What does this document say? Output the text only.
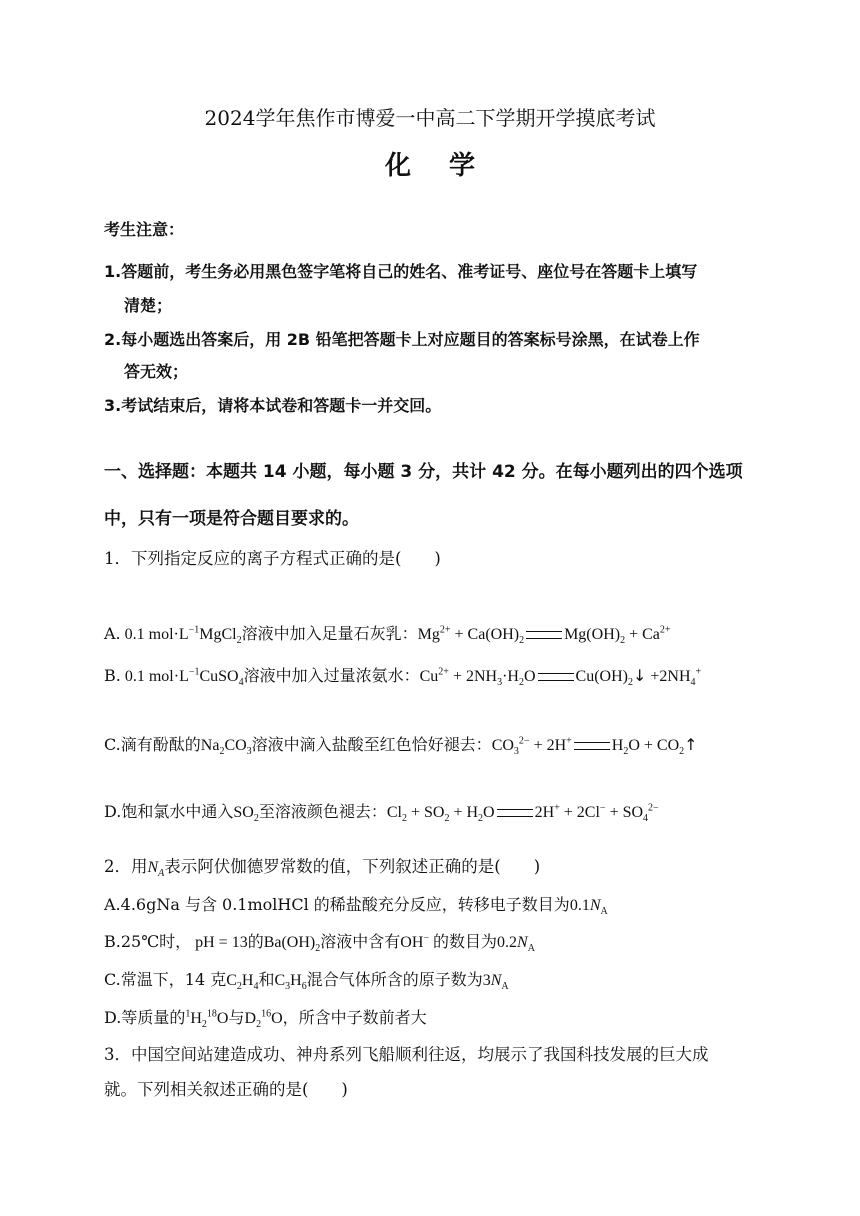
2024学年焦作市博爱一中高二下学期开学摸底考试
化学
考生注意：
1.答题前，考生务必用黑色签字笔将自己的姓名、准考证号、座位号在答题卡上填写
清楚；
2.每小题选出答案后，用 2B 铅笔把答题卡上对应题目的答案标号涂黑，在试卷上作
答无效；
3.考试结束后，请将本试卷和答题卡一并交回。
一、选择题：本题共 14 小题，每小题 3 分，共计 42 分。在每小题列出的四个选项
中，只有一项是符合题目要求的。
1．下列指定反应的离子方程式正确的是(　　)
A. 0.1 $mol\cdot L^{-1}MgCl_2$溶液中加入足量石灰乳：$Mg^{2+} + Ca(OH)_2$	$Mg(OH)_2 + Ca^{2+}$
B. 0.1 $mol\cdot L^{-1}CuSO_4$溶液中加入过量浓氨水：$Cu^{2+} + 2NH_3\cdot H_2O$	$Cu(OH)_2↓ +2NH_4^+$
C.滴有酚酞的$Na_2CO_3$溶液中滴入盐酸至红色恰好褪去：$CO_3^{2-} + 2H^+$	$H_2O$ + $CO_2↑$
D.饱和氯水中通入$SO_2$至溶液颜色褪去：$Cl_2 + SO_2 + H_2O$	$2H^+ + 2Cl^- + SO_4^{2-}$
2．用$N_A$表示阿伏伽德罗常数的值，下列叙述正确的是(　　)
A.4.6gNa 与含 0.1molHCl 的稀盐酸充分反应，转移电子数目为$0.1N_A$
B.25℃时， pH = 13的$Ba(OH)_2$溶液中含有OH− 的数目为$0.2N_A$
C.常温下，14 克$C_2H_4$和$C_3H_6$混合气体所含的原子数为$3N_A$
D.等质量的$^1H_2^{18}O$与$D_2^{16}O$，所含中子数前者大
3．中国空间站建造成功、神舟系列飞船顺利往返，均展示了我国科技发展的巨大成
就。下列相关叙述正确的是(　　)
